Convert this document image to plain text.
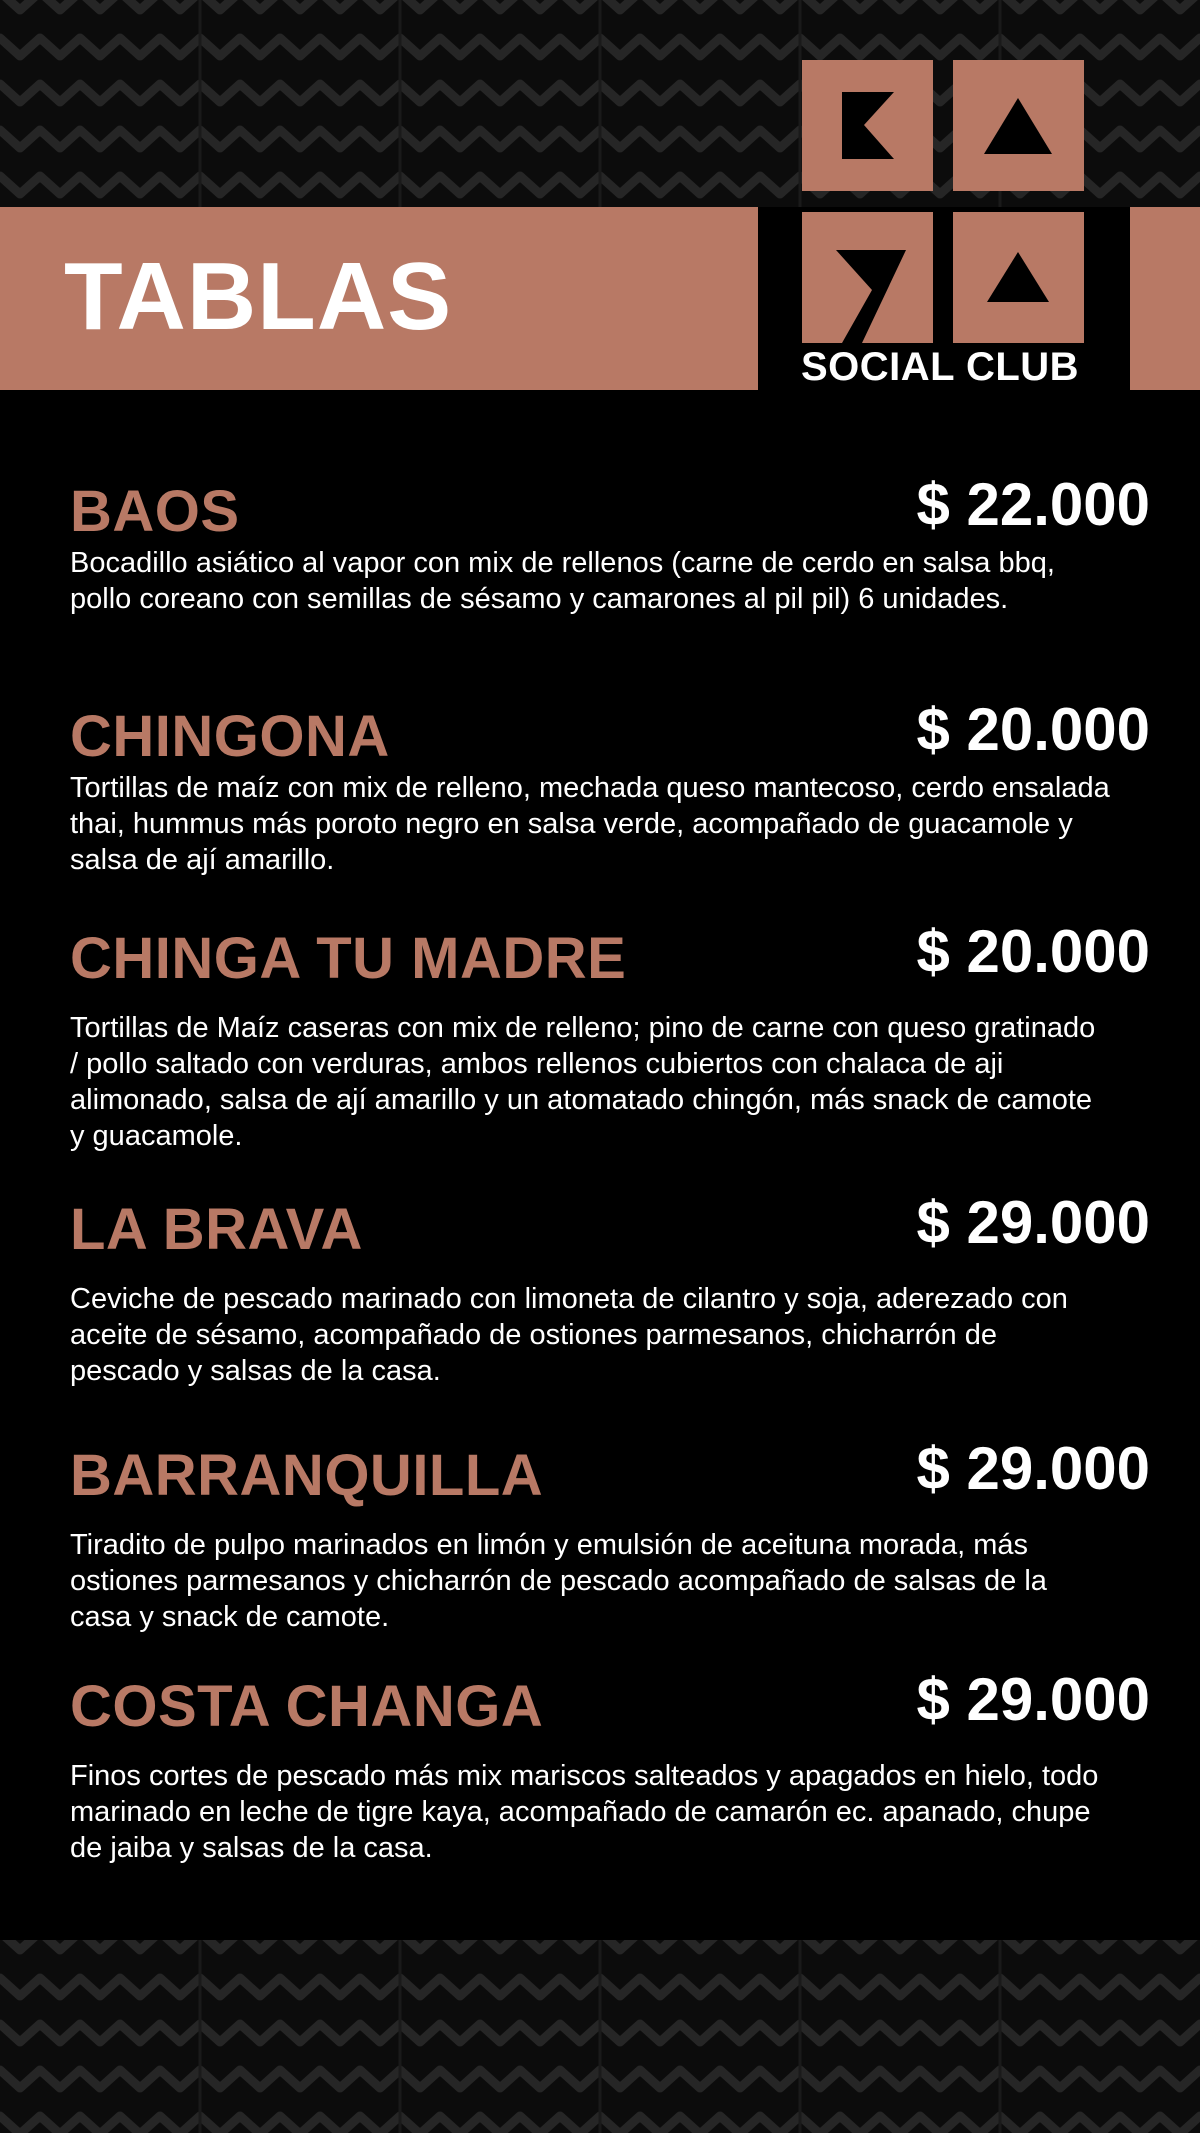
TABLAS
SOCIAL CLUB
BAOS	$ 22.000
Bocadillo asiático al vapor con mix de rellenos (carne de cerdo en salsa bbq, pollo coreano con semillas de sésamo y camarones al pil pil) 6 unidades.
CHINGONA	$ 20.000
Tortillas de maíz con mix de relleno, mechada queso mantecoso, cerdo ensalada thai, hummus más poroto negro en salsa verde, acompañado de guacamole y salsa de ají amarillo.
CHINGA TU MADRE	$ 20.000
Tortillas de Maíz caseras con mix de relleno; pino de carne con queso gratinado / pollo saltado con verduras, ambos rellenos cubiertos con chalaca de aji alimonado, salsa de ají amarillo y un atomatado chingón, más snack de camote y guacamole.
LA BRAVA	$ 29.000
Ceviche de pescado marinado con limoneta de cilantro y soja, aderezado con aceite de sésamo, acompañado de ostiones parmesanos, chicharrón de pescado y salsas de la casa.
BARRANQUILLA	$ 29.000
Tiradito de pulpo marinados en limón y emulsión de aceituna morada, más ostiones parmesanos y chicharrón de pescado acompañado de salsas de la casa y snack de camote.
COSTA CHANGA	$ 29.000
Finos cortes de pescado más mix mariscos salteados y apagados en hielo, todo marinado en leche de tigre kaya, acompañado de camarón ec. apanado, chupe de jaiba y salsas de la casa.
